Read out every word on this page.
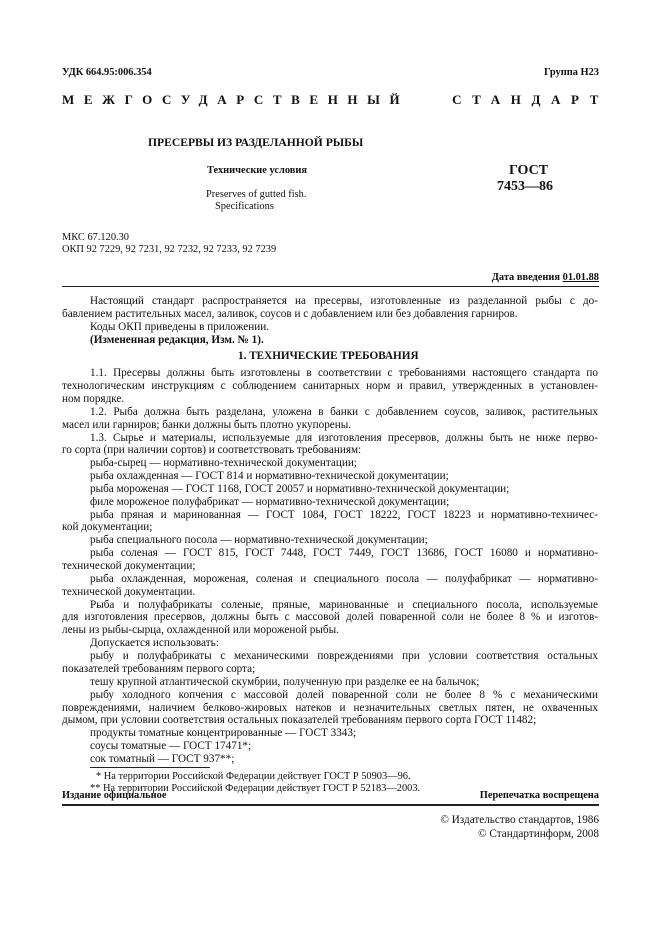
УДК 664.95:006.354	Группа Н23
МЕЖГОСУДАРСТВЕННЫЙ	СТАНДАРТ
ПРЕСЕРВЫ ИЗ РАЗДЕЛАННОЙ РЫБЫ
Технические условия
Preserves of gutted fish.
Specifications
ГОСТ
7453—86
МКС 67.120.30
ОКП 92 7229, 92 7231, 92 7232, 92 7233, 92 7239
Дата введения 01.01.88

Настоящий стандарт распространяется на пресервы, изготовленные из разделанной рыбы с до-

бавлением растительных масел, заливок, соусов и с добавлением или без добавления гарниров.

Коды ОКП приведены в приложении.

(Измененная редакция, Изм. № 1).

1. ТЕХНИЧЕСКИЕ ТРЕБОВАНИЯ

1.1. Пресервы должны быть изготовлены в соответствии с требованиями настоящего стандарта по

технологическим инструкциям с соблюдением санитарных норм и правил, утвержденных в установлен-

ном порядке.

1.2. Рыба должна быть разделана, уложена в банки с добавлением соусов, заливок, растительных

масел или гарниров; банки должны быть плотно укупорены.

1.3. Сырье и материалы, используемые для изготовления пресервов, должны быть не ниже перво-

го сорта (при наличии сортов) и соответствовать требованиям:

рыба-сырец — нормативно-технической документации;

рыба охлажденная — ГОСТ 814 и нормативно-технической документации;

рыба мороженая — ГОСТ 1168, ГОСТ 20057 и нормативно-технической документации;

филе мороженое полуфабрикат — нормативно-технической документации;

рыба пряная и маринованная — ГОСТ 1084, ГОСТ 18222, ГОСТ 18223 и нормативно-техничес-

кой документации;

рыба специального посола — нормативно-технической документации;

рыба соленая — ГОСТ 815, ГОСТ 7448, ГОСТ 7449, ГОСТ 13686, ГОСТ 16080 и нормативно-

технической документации;

рыба охлажденная, мороженая, соленая и специального посола — полуфабрикат — нормативно-

технической документации.

Рыба и полуфабрикаты соленые, пряные, маринованные и специального посола, используемые

для изготовления пресервов, должны быть с массовой долей поваренной соли не более 8 % и изготов-

лены из рыбы-сырца, охлажденной или мороженой рыбы.

Допускается использовать:

рыбу и полуфабрикаты с механическими повреждениями при условии соответствия остальных

показателей требованиям первого сорта;

тешу крупной атлантической скумбрии, полученную при разделке ее на балычок;

рыбу холодного копчения с массовой долей поваренной соли не более 8 % с механическими

повреждениями, наличием белково-жировых натеков и незначительных светлых пятен, не охваченных

дымом, при условии соответствия остальных показателей требованиям первого сорта ГОСТ 11482;

продукты томатные концентрированные — ГОСТ 3343;

соусы томатные — ГОСТ 17471*;

сок томатный — ГОСТ 937**;

* На территории Российской Федерации действует ГОСТ Р 50903—96.
** На территории Российской Федерации действует ГОСТ Р 52183—2003.
Издание официальное	Перепечатка воспрещена
© Издательство стандартов, 1986
© Стандартинформ, 2008
